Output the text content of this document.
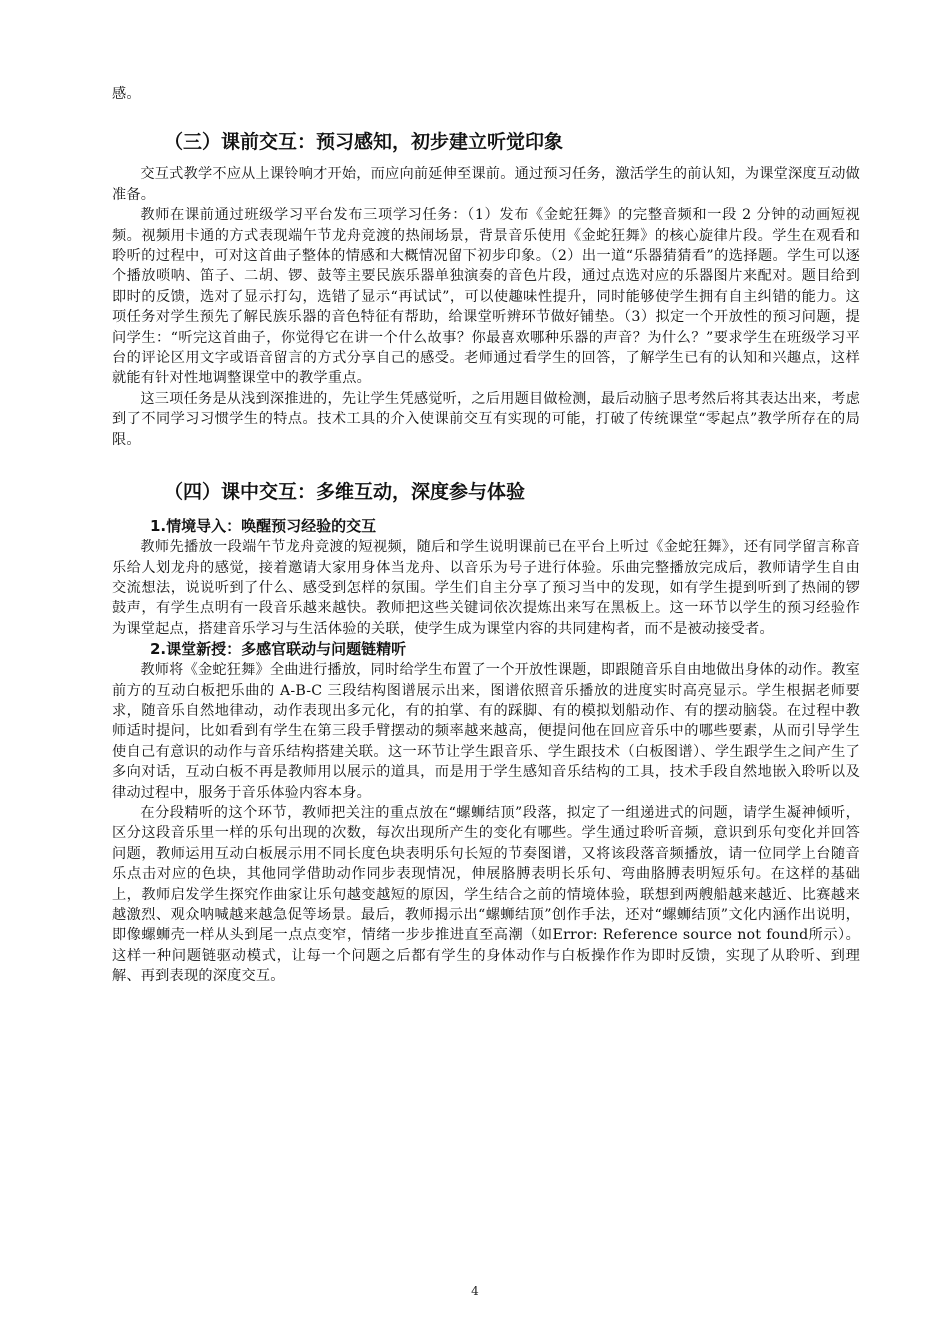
感。

（三）课前交互：预习感知，初步建立听觉印象

交互式教学不应从上课铃响才开始，而应向前延伸至课前。通过预习任务，激活学生的前认知，为课堂深度互动做准备。

教师在课前通过班级学习平台发布三项学习任务：（1）发布《金蛇狂舞》的完整音频和一段 2 分钟的动画短视频。视频用卡通的方式表现端午节龙舟竞渡的热闹场景，背景音乐使用《金蛇狂舞》的核心旋律片段。学生在观看和聆听的过程中，可对这首曲子整体的情感和大概情况留下初步印象。（2）出一道“乐器猜猜看”的选择题。学生可以逐个播放唢呐、笛子、二胡、锣、鼓等主要民族乐器单独演奏的音色片段，通过点选对应的乐器图片来配对。题目给到即时的反馈，选对了显示打勾，选错了显示“再试试”，可以使趣味性提升，同时能够使学生拥有自主纠错的能力。这项任务对学生预先了解民族乐器的音色特征有帮助，给课堂听辨环节做好铺垫。（3）拟定一个开放性的预习问题，提问学生：“听完这首曲子，你觉得它在讲一个什么故事？你最喜欢哪种乐器的声音？为什么？”要求学生在班级学习平台的评论区用文字或语音留言的方式分享自己的感受。老师通过看学生的回答，了解学生已有的认知和兴趣点，这样就能有针对性地调整课堂中的教学重点。

这三项任务是从浅到深推进的，先让学生凭感觉听，之后用题目做检测，最后动脑子思考然后将其表达出来，考虑到了不同学习习惯学生的特点。技术工具的介入使课前交互有实现的可能，打破了传统课堂“零起点”教学所存在的局限。

（四）课中交互：多维互动，深度参与体验
1.情境导入：唤醒预习经验的交互

教师先播放一段端午节龙舟竞渡的短视频，随后和学生说明课前已在平台上听过《金蛇狂舞》，还有同学留言称音乐给人划龙舟的感觉，接着邀请大家用身体当龙舟、以音乐为号子进行体验。乐曲完整播放完成后，教师请学生自由交流想法，说说听到了什么、感受到怎样的氛围。学生们自主分享了预习当中的发现，如有学生提到听到了热闹的锣鼓声，有学生点明有一段音乐越来越快。教师把这些关键词依次提炼出来写在黑板上。这一环节以学生的预习经验作为课堂起点，搭建音乐学习与生活体验的关联，使学生成为课堂内容的共同建构者，而不是被动接受者。

2.课堂新授：多感官联动与问题链精听

教师将《金蛇狂舞》全曲进行播放，同时给学生布置了一个开放性课题，即跟随音乐自由地做出身体的动作。教室前方的互动白板把乐曲的 A-B-C 三段结构图谱展示出来，图谱依照音乐播放的进度实时高亮显示。学生根据老师要求，随音乐自然地律动，动作表现出多元化，有的拍掌、有的踩脚、有的模拟划船动作、有的摆动脑袋。在过程中教师适时提问，比如看到有学生在第三段手臂摆动的频率越来越高，便提问他在回应音乐中的哪些要素，从而引导学生使自己有意识的动作与音乐结构搭建关联。这一环节让学生跟音乐、学生跟技术（白板图谱）、学生跟学生之间产生了多向对话，互动白板不再是教师用以展示的道具，而是用于学生感知音乐结构的工具，技术手段自然地嵌入聆听以及律动过程中，服务于音乐体验内容本身。

在分段精听的这个环节，教师把关注的重点放在“螺蛳结顶”段落，拟定了一组递进式的问题，请学生凝神倾听，区分这段音乐里一样的乐句出现的次数，每次出现所产生的变化有哪些。学生通过聆听音频，意识到乐句变化并回答问题，教师运用互动白板展示用不同长度色块表明乐句长短的节奏图谱，又将该段落音频播放，请一位同学上台随音乐点击对应的色块，其他同学借助动作同步表现情况，伸展胳膊表明长乐句、弯曲胳膊表明短乐句。在这样的基础上，教师启发学生探究作曲家让乐句越变越短的原因，学生结合之前的情境体验，联想到两艘船越来越近、比赛越来越激烈、观众呐喊越来越急促等场景。最后，教师揭示出“螺蛳结顶”创作手法，还对“螺蛳结顶”文化内涵作出说明，即像螺蛳壳一样从头到尾一点点变窄，情绪一步步推进直至高潮（如Error: Reference source not found所示）。这样一种问题链驱动模式，让每一个问题之后都有学生的身体动作与白板操作作为即时反馈，实现了从聆听、到理解、再到表现的深度交互。

4
